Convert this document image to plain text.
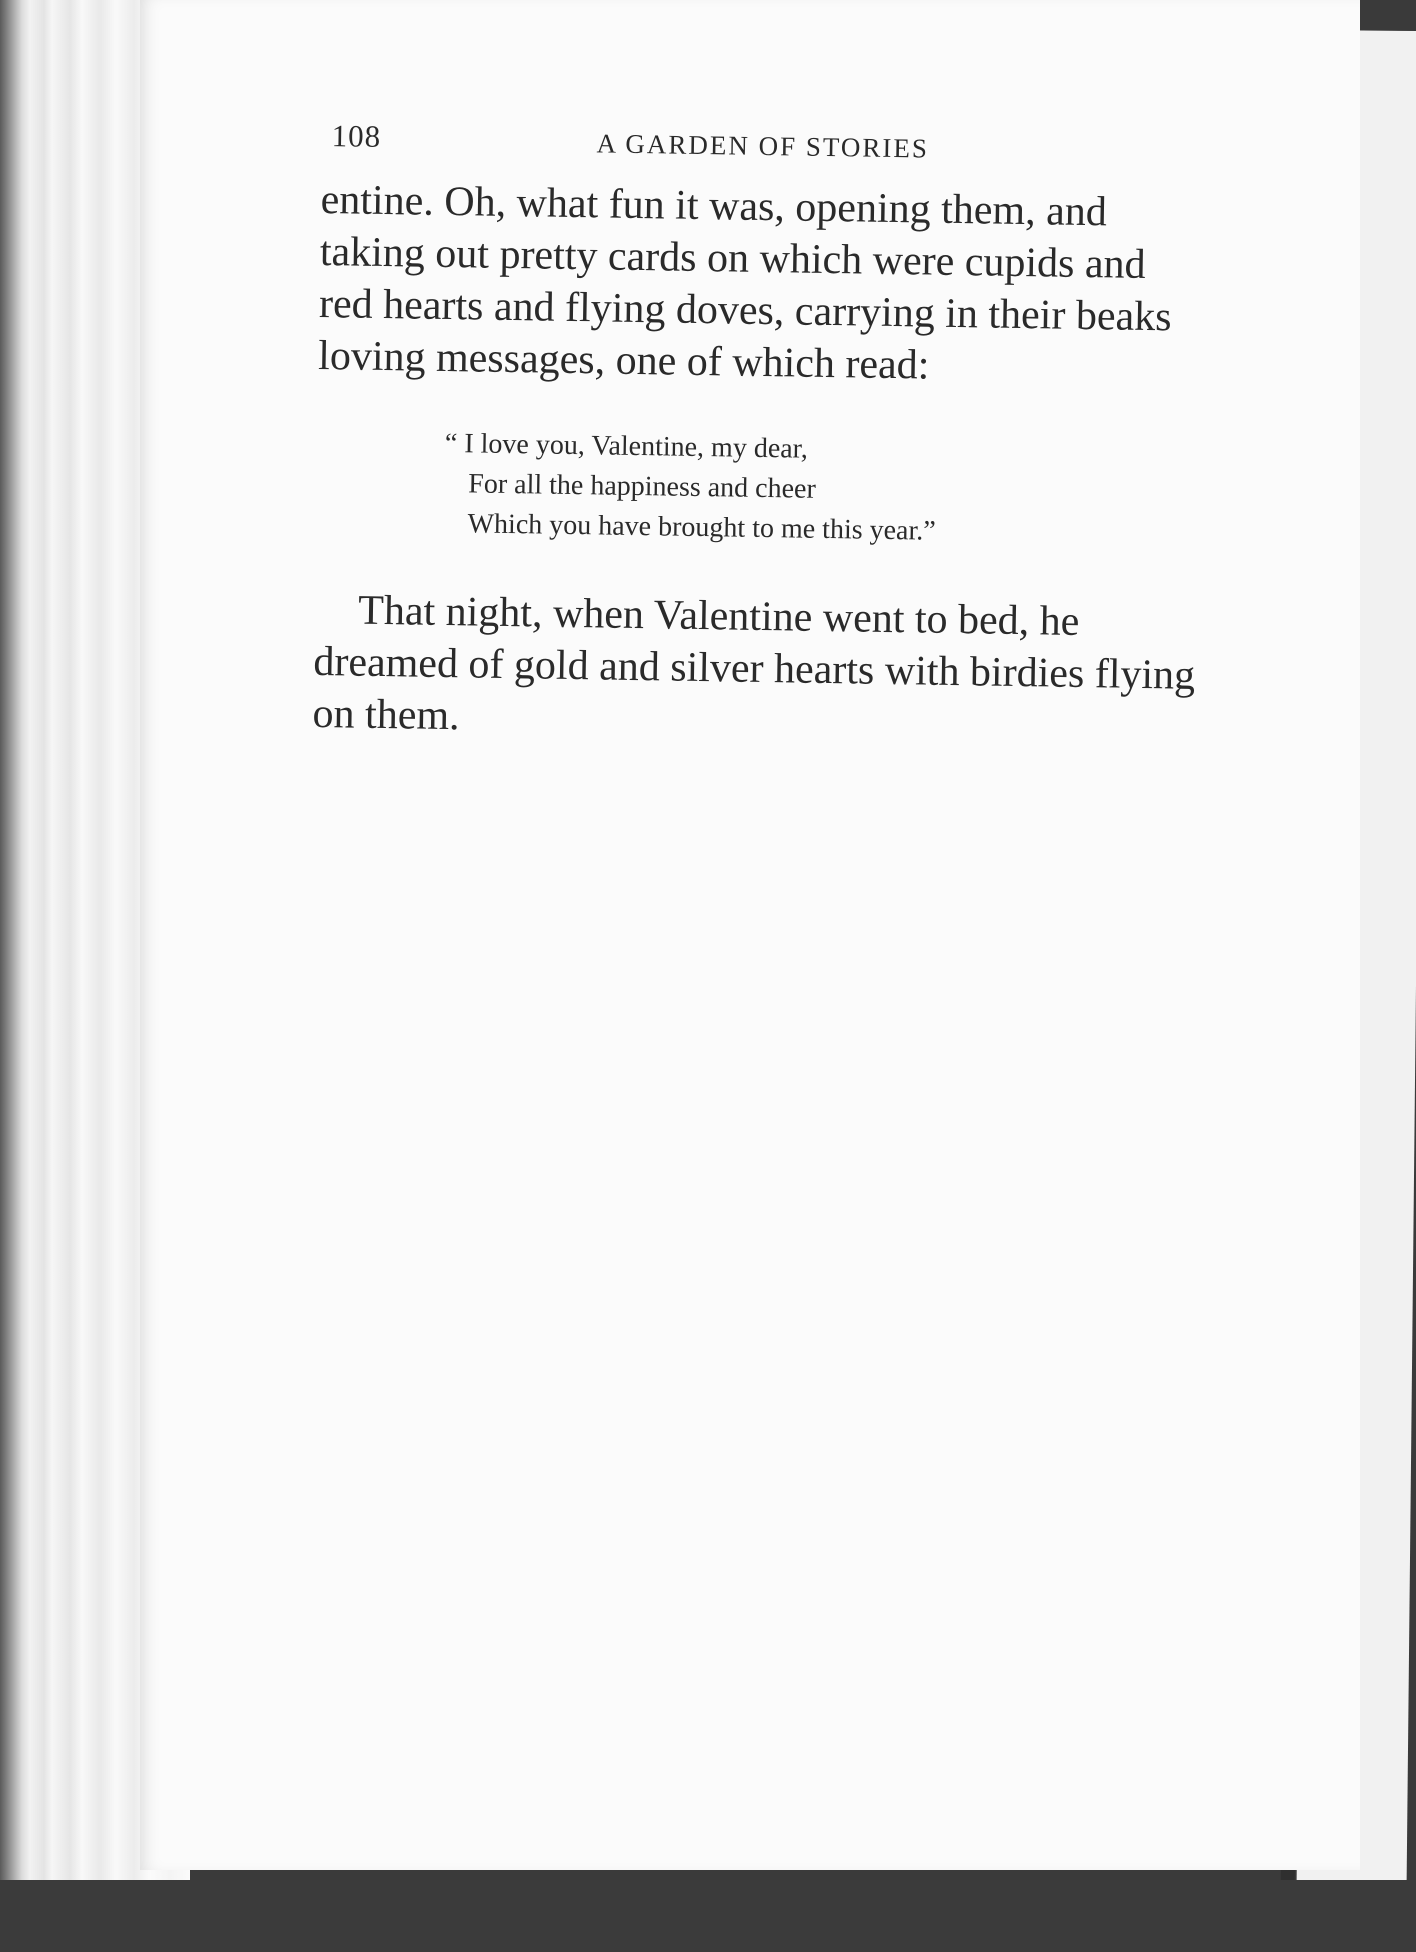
108	A GARDEN OF STORIES

entine. Oh, what fun it was, opening them, and
taking out pretty cards on which were cupids and
red hearts and flying doves, carrying in their beaks
loving messages, one of which read:

“ I love you, Valentine, my dear,
For all the happiness and cheer
Which you have brought to me this year.”

That night, when Valentine went to bed, he
dreamed of gold and silver hearts with birdies flying
on them.
